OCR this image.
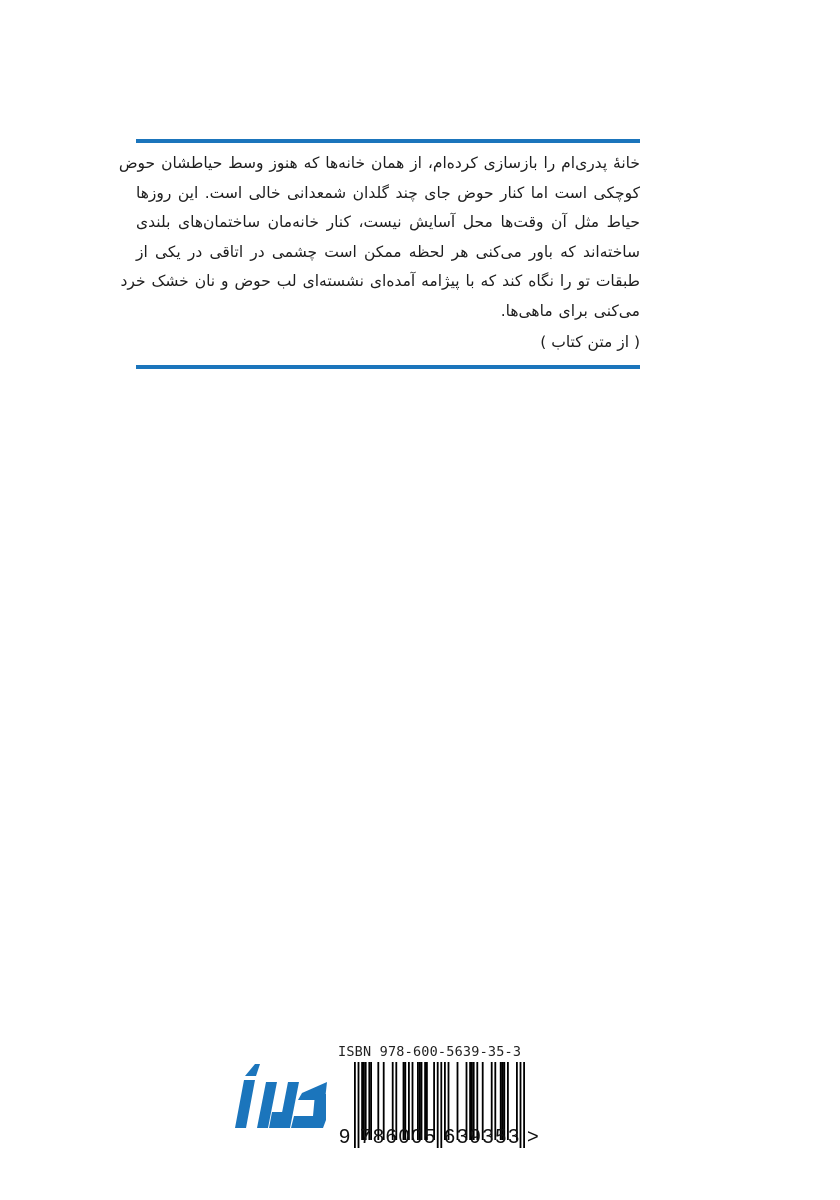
خانهٔ پدری‌ام را بازسازی کرده‌ام، از همان خانه‌ها که هنوز وسط حیاطشان حوض
کوچکی است اما کنار حوض جای چند گلدان شمعدانی خالی است. این روزها
حیاط مثل آن وقت‌ها محل آسایش نیست، کنار خانه‌مان ساختمان‌های بلندی
ساخته‌اند که باور می‌کنی هر لحظه ممکن است چشمی در اتاقی در یکی از
طبقات تو را نگاه کند که با پیژامه آمده‌ای نشسته‌ای لب حوض و نان خشک خرد
می‌کنی برای ماهی‌ها.
( از متن کتاب )
ISBN 978-600-5639-35-3
9 786005 639353 >
